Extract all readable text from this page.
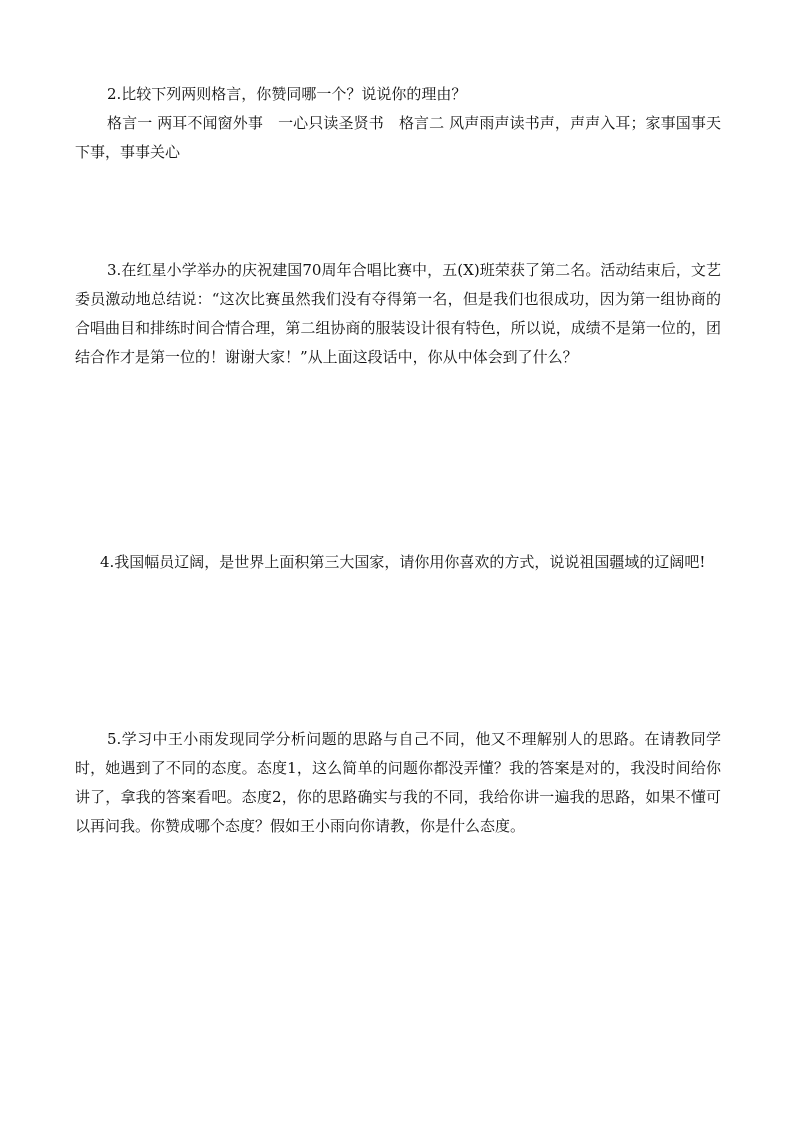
2.比较下列两则格言，你赞同哪一个？说说你的理由？

格言一 两耳不闻窗外事　一心只读圣贤书　格言二 风声雨声读书声，声声入耳；家事国事天下事，事事关心

3.在红星小学举办的庆祝建国70周年合唱比赛中，五(X)班荣获了第二名。活动结束后，文艺委员激动地总结说：“这次比赛虽然我们没有夺得第一名，但是我们也很成功，因为第一组协商的合唱曲目和排练时间合情合理，第二组协商的服装设计很有特色，所以说，成绩不是第一位的，团结合作才是第一位的！谢谢大家！”从上面这段话中，你从中体会到了什么？

4.我国幅员辽阔，是世界上面积第三大国家，请你用你喜欢的方式，说说祖国疆域的辽阔吧!

5.学习中王小雨发现同学分析问题的思路与自己不同，他又不理解别人的思路。在请教同学时，她遇到了不同的态度。态度1，这么简单的问题你都没弄懂？我的答案是对的，我没时间给你讲了，拿我的答案看吧。态度2，你的思路确实与我的不同，我给你讲一遍我的思路，如果不懂可以再问我。你赞成哪个态度？假如王小雨向你请教，你是什么态度。
